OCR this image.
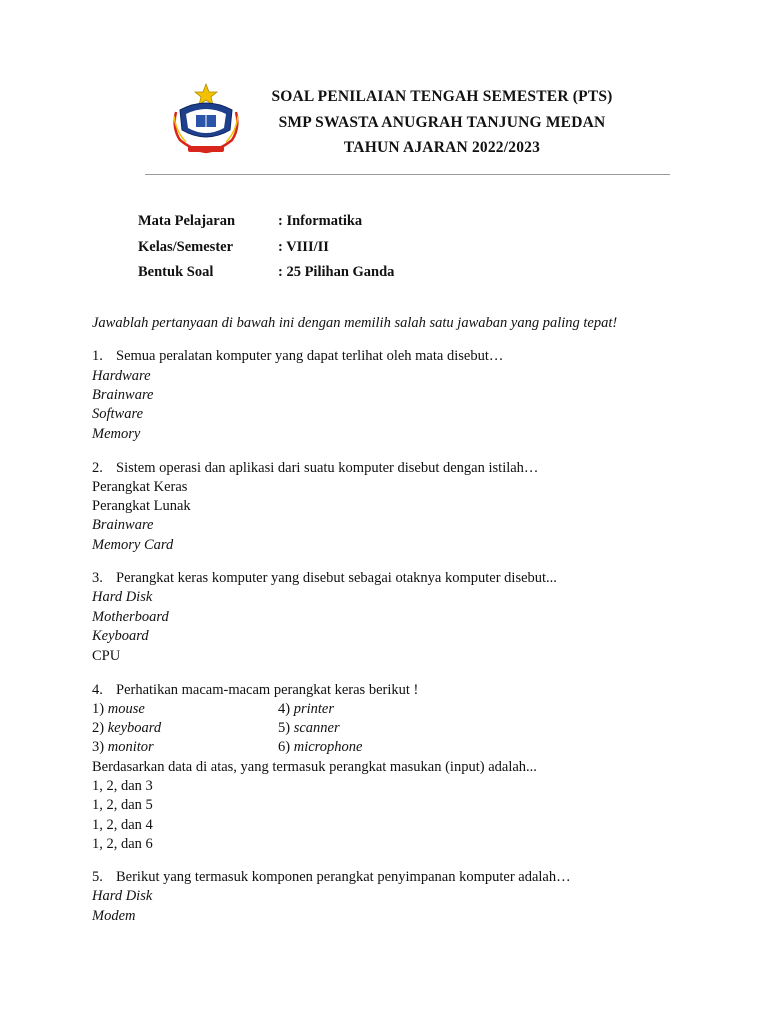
SOAL PENILAIAN TENGAH SEMESTER (PTS)
SMP SWASTA ANUGRAH TANJUNG MEDAN
TAHUN AJARAN 2022/2023
Mata Pelajaran	: Informatika
Kelas/Semester	: VIII/II
Bentuk Soal	: 25 Pilihan Ganda
Jawablah pertanyaan di bawah ini dengan memilih salah satu jawaban yang paling tepat!
1. Semua peralatan komputer yang dapat terlihat oleh mata disebut…
Hardware
Brainware
Software
Memory
2. Sistem operasi dan aplikasi dari suatu komputer disebut dengan istilah…
Perangkat Keras
Perangkat Lunak
Brainware
Memory Card
3. Perangkat keras komputer yang disebut sebagai otaknya komputer disebut...
Hard Disk
Motherboard
Keyboard
CPU
4. Perhatikan macam-macam perangkat keras berikut !
1) mouse
2) keyboard
3) monitor
4) printer
5) scanner
6) microphone
Berdasarkan data di atas, yang termasuk perangkat masukan (input) adalah...
1, 2, dan 3
1, 2, dan 5
1, 2, dan 4
1, 2, dan 6
5. Berikut yang termasuk komponen perangkat penyimpanan komputer adalah…
Hard Disk
Modem
